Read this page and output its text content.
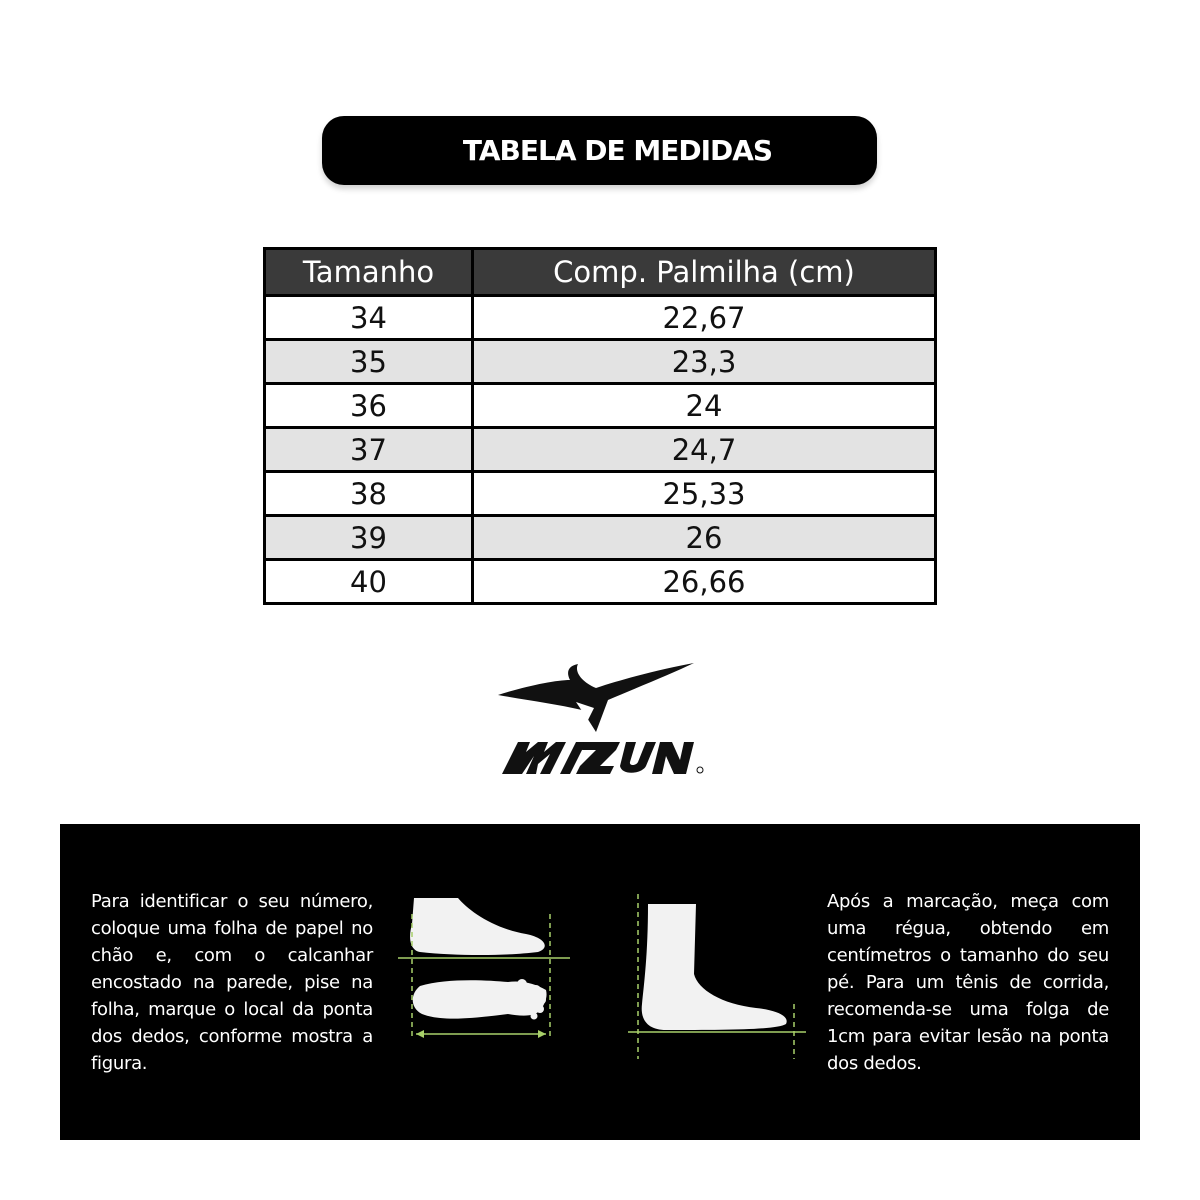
TABELA DE MEDIDAS
Tamanho	Comp. Palmilha (cm)
34	22,67
35	23,3
36	24
37	24,7
38	25,33
39	26
40	26,66
Para identificar o seu número, coloque uma folha de papel no chão e, com o calcanhar encostado na parede, pise na folha, marque o local da ponta dos dedos, conforme mostra a figura.
Após a marcação, meça com uma régua, obtendo em centímetros o tamanho do seu pé. Para um tênis de corrida, recomenda-se uma folga de 1cm para evitar lesão na ponta dos dedos.
